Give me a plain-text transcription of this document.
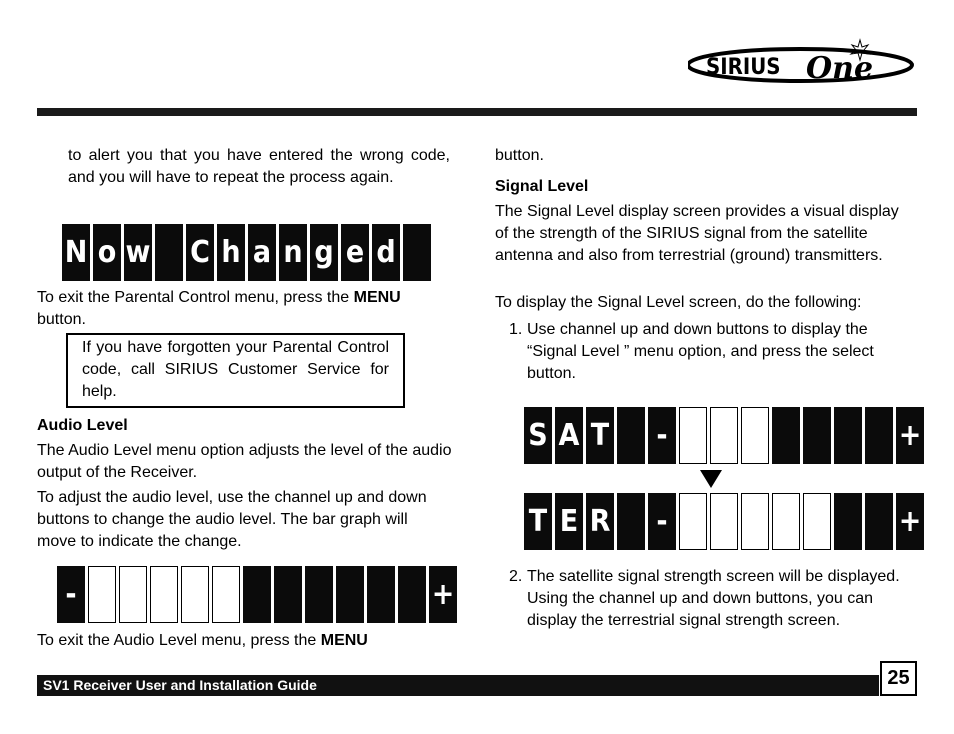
SIRIUS One

to alert you that you have entered the wrong code, and you will have to repeat the process again.

N o w C h a n g e d

To exit the Parental Control menu, press the MENU
button.

If you have forgotten your Parental Control code, call SIRIUS Customer Service for help.

Audio Level

The Audio Level menu option adjusts the level of the audio output of the Receiver.

To adjust the audio level, use the channel up and down buttons to change the audio level. The bar graph will move to indicate the change.

-	+

To exit the Audio Level menu, press the MENU

button.

Signal Level

The Signal Level display screen provides a visual display of the strength of the SIRIUS signal from the satellite antenna and also from terrestrial (ground) transmitters.

To display the Signal Level screen, do the following:

1. Use channel up and down buttons to display the “Signal Level ” menu option, and press the select button.

S A T -	+
T E R -	+
2. The satellite signal strength screen will be displayed. Using the channel up and down buttons, you can display the terrestrial signal strength screen.

SV1 Receiver User and Installation Guide	25
